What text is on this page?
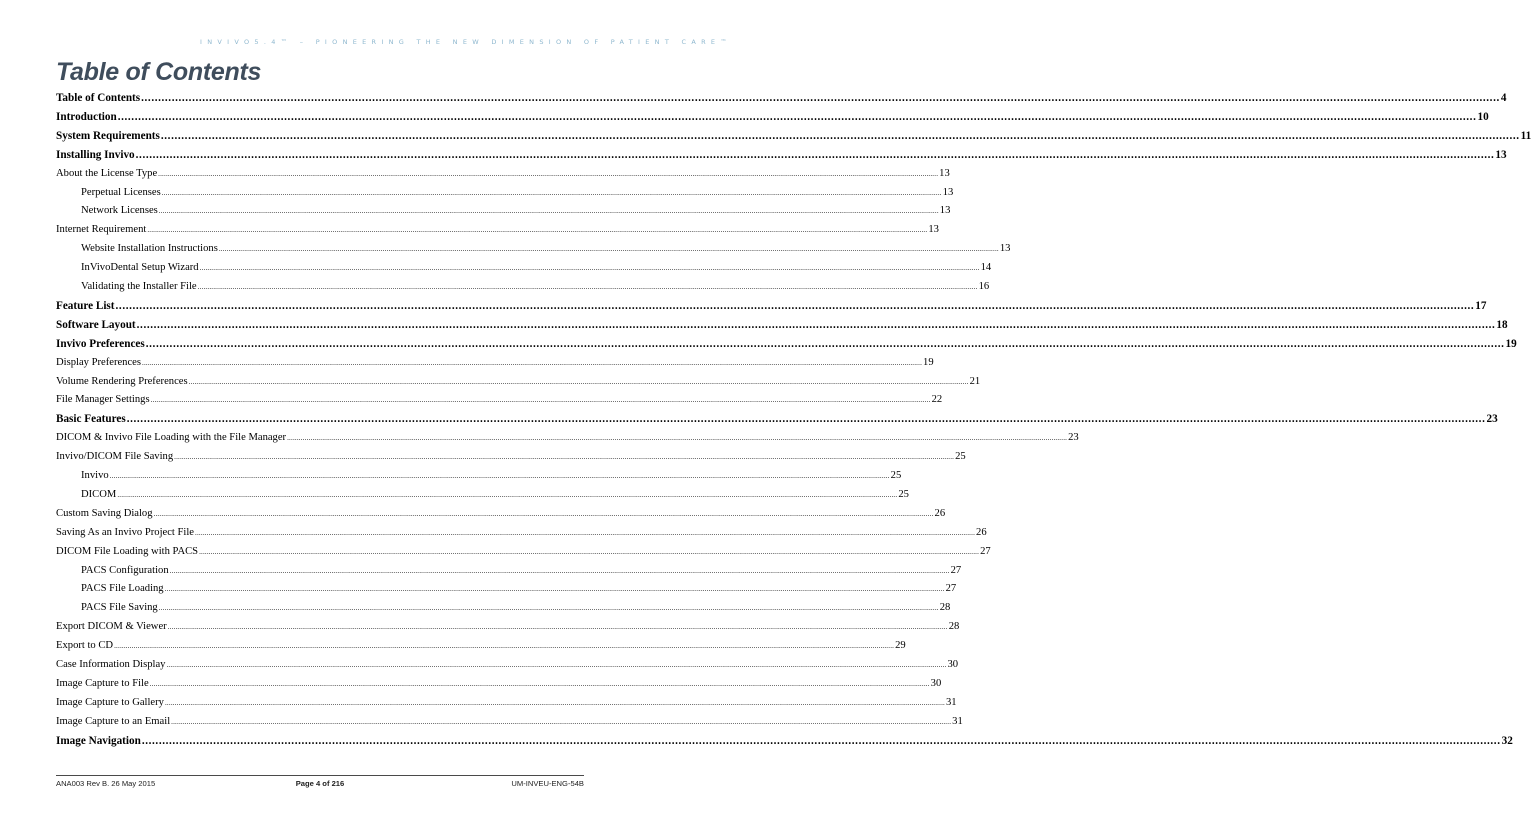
INVIVO5.4™ – PIONEERING THE NEW DIMENSION OF PATIENT CARE™
Table of Contents
Table of Contents ................................................................................................................................................................................................................................................................................................................................................................................................................ 4
Introduction ................................................................................................................................................................................................................................................................................................................................................................................................................ 10
System Requirements ................................................................................................................................................................................................................................................................................................................................................................................................................ 11
Installing Invivo ................................................................................................................................................................................................................................................................................................................................................................................................................ 13
About the License Type ................................................................................................................................................................................................................................................................................................................................................................................................................ 13
Perpetual Licenses ................................................................................................................................................................................................................................................................................................................................................................................................................ 13
Network Licenses ................................................................................................................................................................................................................................................................................................................................................................................................................ 13
Internet Requirement ................................................................................................................................................................................................................................................................................................................................................................................................................ 13
Website Installation Instructions ................................................................................................................................................................................................................................................................................................................................................................................................................ 13
InVivoDental Setup Wizard ................................................................................................................................................................................................................................................................................................................................................................................................................ 14
Validating the Installer File ................................................................................................................................................................................................................................................................................................................................................................................................................ 16
Feature List ................................................................................................................................................................................................................................................................................................................................................................................................................ 17
Software Layout ................................................................................................................................................................................................................................................................................................................................................................................................................ 18
Invivo Preferences ................................................................................................................................................................................................................................................................................................................................................................................................................ 19
Display Preferences ................................................................................................................................................................................................................................................................................................................................................................................................................ 19
Volume Rendering Preferences ................................................................................................................................................................................................................................................................................................................................................................................................................ 21
File Manager Settings ................................................................................................................................................................................................................................................................................................................................................................................................................ 22
Basic Features ................................................................................................................................................................................................................................................................................................................................................................................................................ 23
DICOM & Invivo File Loading with the File Manager ................................................................................................................................................................................................................................................................................................................................................................................................................ 23
Invivo/DICOM File Saving ................................................................................................................................................................................................................................................................................................................................................................................................................ 25
Invivo ................................................................................................................................................................................................................................................................................................................................................................................................................ 25
DICOM ................................................................................................................................................................................................................................................................................................................................................................................................................ 25
Custom Saving Dialog ................................................................................................................................................................................................................................................................................................................................................................................................................ 26
Saving As an Invivo Project File ................................................................................................................................................................................................................................................................................................................................................................................................................ 26
DICOM File Loading with PACS ................................................................................................................................................................................................................................................................................................................................................................................................................ 27
PACS Configuration ................................................................................................................................................................................................................................................................................................................................................................................................................ 27
PACS File Loading ................................................................................................................................................................................................................................................................................................................................................................................................................ 27
PACS File Saving ................................................................................................................................................................................................................................................................................................................................................................................................................ 28
Export DICOM & Viewer ................................................................................................................................................................................................................................................................................................................................................................................................................ 28
Export to CD ................................................................................................................................................................................................................................................................................................................................................................................................................ 29
Case Information Display ................................................................................................................................................................................................................................................................................................................................................................................................................ 30
Image Capture to File ................................................................................................................................................................................................................................................................................................................................................................................................................ 30
Image Capture to Gallery ................................................................................................................................................................................................................................................................................................................................................................................................................ 31
Image Capture to an Email ................................................................................................................................................................................................................................................................................................................................................................................................................ 31
Image Navigation ................................................................................................................................................................................................................................................................................................................................................................................................................ 32
ANA003 Rev B. 26 May 2015	Page 4 of 216	UM-INVEU-ENG-54B
